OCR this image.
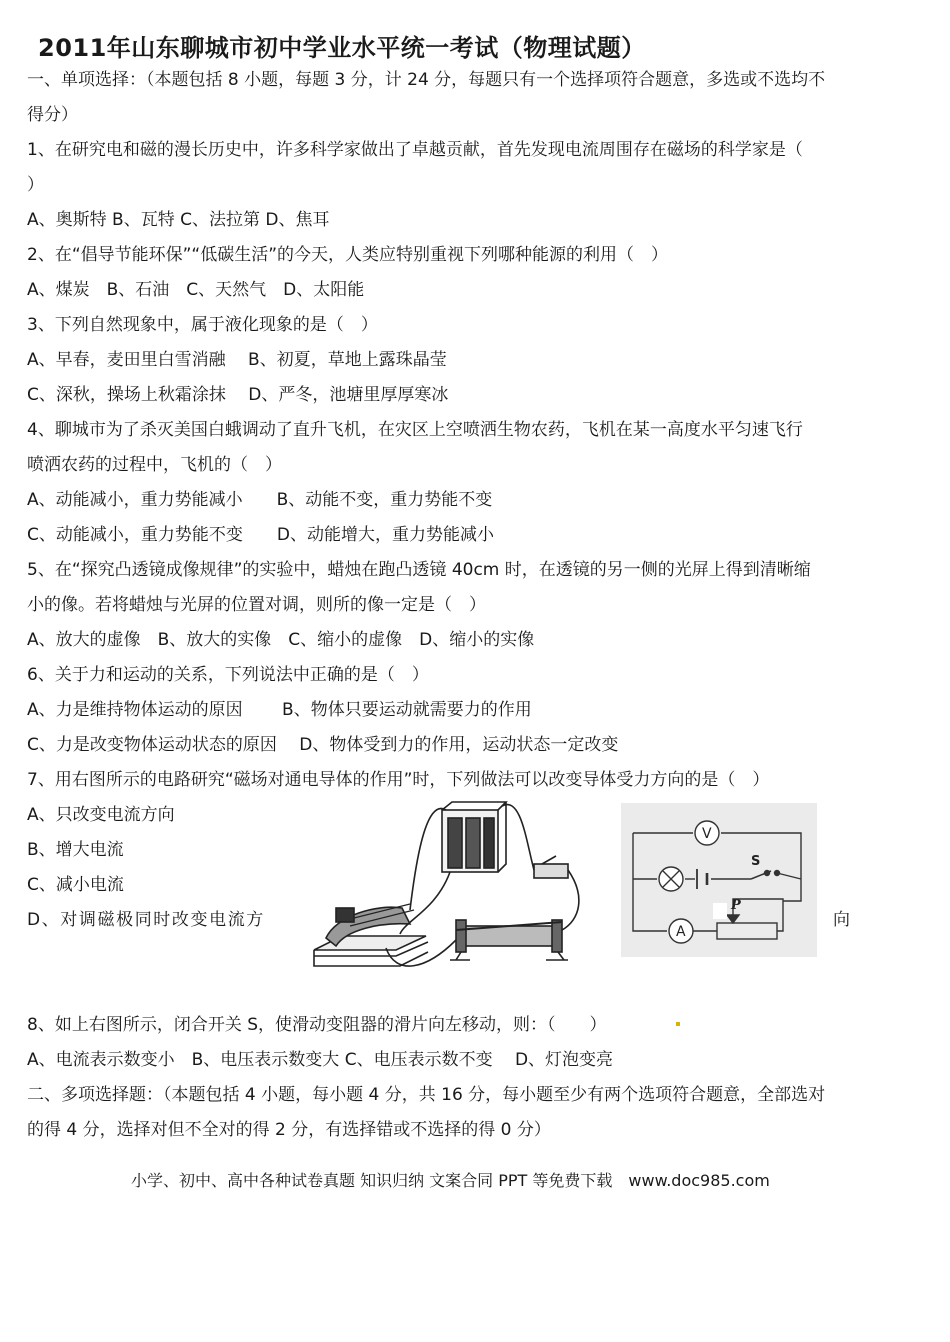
2011年山东聊城市初中学业水平统一考试（物理试题）
一、单项选择：（本题包括 8 小题，每题 3 分，计 24 分，每题只有一个选择项符合题意，多选或不选均不
得分）
1、在研究电和磁的漫长历史中，许多科学家做出了卓越贡献，首先发现电流周围存在磁场的科学家是（
）
A、奥斯特 B、瓦特 C、法拉第 D、焦耳
2、在“倡导节能环保”“低碳生活”的今天，人类应特别重视下列哪种能源的利用（　）
A、煤炭　B、石油　C、天然气　D、太阳能
3、下列自然现象中，属于液化现象的是（　）
A、早春，麦田里白雪消融　 B、初夏，草地上露珠晶莹
C、深秋，操场上秋霜涂抹　 D、严冬，池塘里厚厚寒冰
4、聊城市为了杀灭美国白蛾调动了直升飞机，在灾区上空喷洒生物农药，飞机在某一高度水平匀速飞行
喷洒农药的过程中，飞机的（　）
A、动能减小，重力势能减小　　B、动能不变，重力势能不变
C、动能减小，重力势能不变　　D、动能增大，重力势能减小
5、在“探究凸透镜成像规律”的实验中，蜡烛在跑凸透镜 40cm 时，在透镜的另一侧的光屏上得到清晰缩
小的像。若将蜡烛与光屏的位置对调，则所的像一定是（　）
A、放大的虚像　B、放大的实像　C、缩小的虚像　D、缩小的实像
6、关于力和运动的关系，下列说法中正确的是（　）
A、力是维持物体运动的原因　　 B、物体只要运动就需要力的作用
C、力是改变物体运动状态的原因　 D、物体受到力的作用，运动状态一定改变
7、用右图所示的电路研究“磁场对通电导体的作用”时，下列做法可以改变导体受力方向的是（　）
A、只改变电流方向
B、增大电流
C、减小电流
D、对调磁极同时改变电流方	向
V
A
S
P
8、如上右图所示，闭合开关 S，使滑动变阻器的滑片向左移动，则：（　　）
A、电流表示数变小　B、电压表示数变大 C、电压表示数不变　 D、灯泡变亮
二、多项选择题：（本题包括 4 小题，每小题 4 分，共 16 分，每小题至少有两个选项符合题意，全部选对
的得 4 分，选择对但不全对的得 2 分，有选择错或不选择的得 0 分）
小学、初中、高中各种试卷真题 知识归纳 文案合同 PPT 等免费下载　www.doc985.com
